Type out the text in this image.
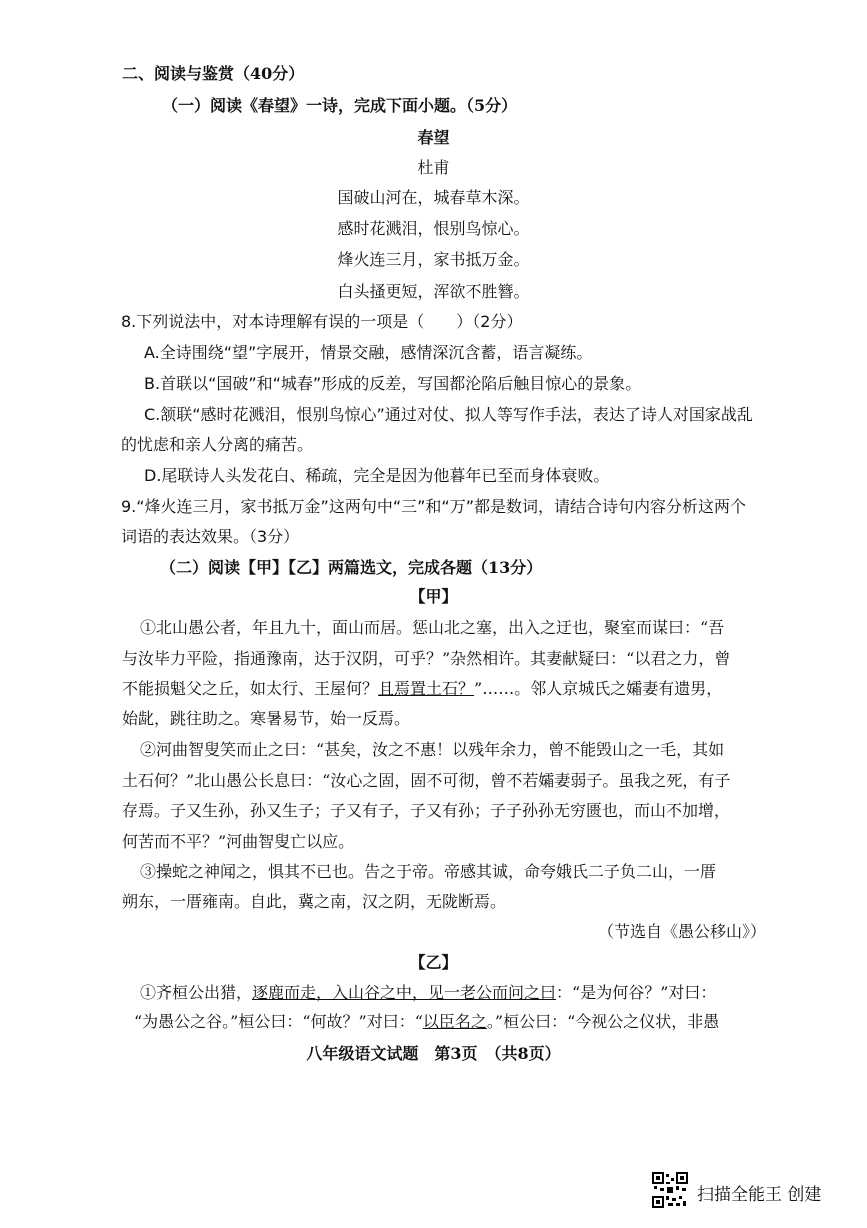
二、阅读与鉴赏（40分）
（一）阅读《春望》一诗，完成下面小题。（5分）
春望
杜甫
国破山河在，城春草木深。
感时花溅泪，恨别鸟惊心。
烽火连三月，家书抵万金。
白头搔更短，浑欲不胜簪。
8.下列说法中，对本诗理解有误的一项是（　　）（2分）
A.全诗围绕“望”字展开，情景交融，感情深沉含蓄，语言凝练。
B.首联以“国破”和“城春”形成的反差，写国都沦陷后触目惊心的景象。
C.颔联“感时花溅泪，恨别鸟惊心”通过对仗、拟人等写作手法，表达了诗人对国家战乱
的忧虑和亲人分离的痛苦。
D.尾联诗人头发花白、稀疏，完全是因为他暮年已至而身体衰败。
9.“烽火连三月，家书抵万金”这两句中“三”和“万”都是数词，请结合诗句内容分析这两个
词语的表达效果。（3分）
（二）阅读【甲】【乙】两篇选文，完成各题（13分）
【甲】
①北山愚公者，年且九十，面山而居。惩山北之塞，出入之迂也，聚室而谋曰：“吾
与汝毕力平险，指通豫南，达于汉阴，可乎？”杂然相许。其妻献疑曰：“以君之力，曾
不能损魁父之丘，如太行、王屋何？且焉置土石？”……。邻人京城氏之孀妻有遗男，
始龀，跳往助之。寒暑易节，始一反焉。
②河曲智叟笑而止之曰：“甚矣，汝之不惠！以残年余力，曾不能毁山之一毛，其如
土石何？”北山愚公长息曰：“汝心之固，固不可彻，曾不若孀妻弱子。虽我之死，有子
存焉。子又生孙，孙又生子；子又有子，子又有孙；子子孙孙无穷匮也，而山不加增，
何苦而不平？”河曲智叟亡以应。
③操蛇之神闻之，惧其不已也。告之于帝。帝感其诚，命夸娥氏二子负二山，一厝
朔东，一厝雍南。自此，冀之南，汉之阴，无陇断焉。
（节选自《愚公移山》）
【乙】
①齐桓公出猎，逐鹿而走，入山谷之中，见一老公而问之曰：“是为何谷？”对曰：
“为愚公之谷。”桓公曰：“何故？”对曰：“以臣名之。”桓公曰：“今视公之仪状，非愚
八年级语文试题　第3页　（共8页）
扫描全能王 创建
